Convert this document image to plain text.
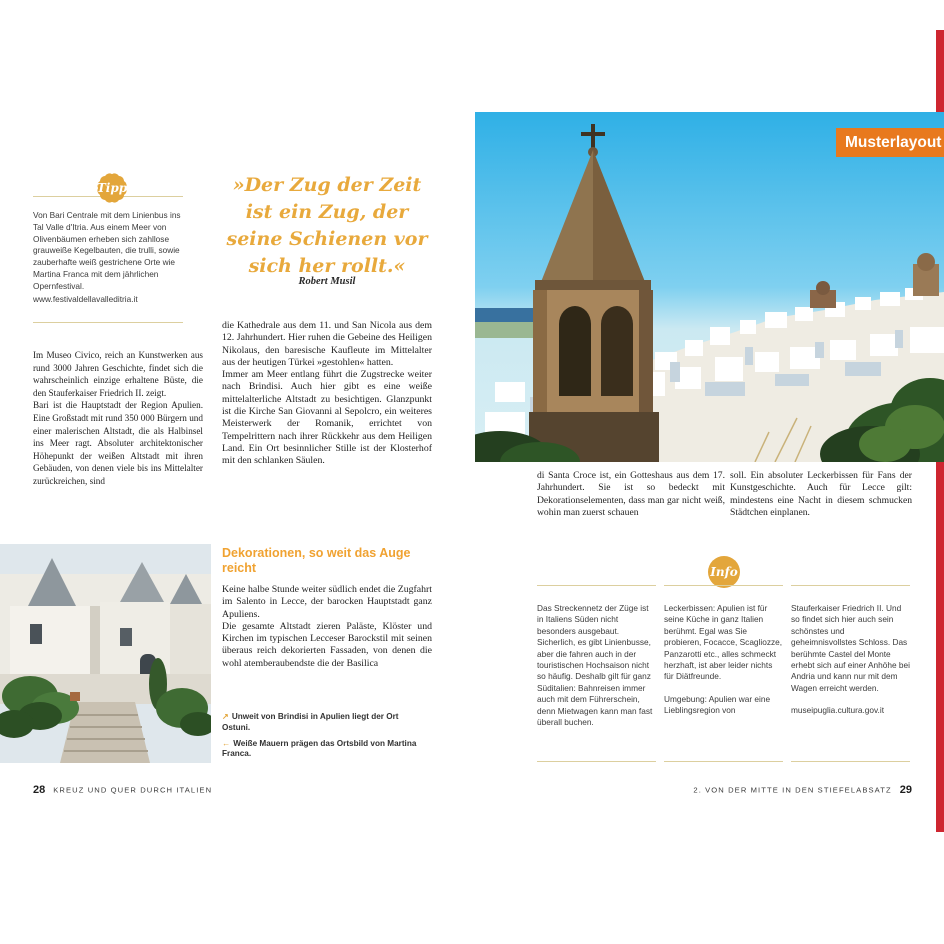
Tipp

Von Bari Centrale mit dem Linienbus ins Tal Valle d'Itria. Aus einem Meer von Olivenbäumen erheben sich zahllose grauweiße Kegelbauten, die trulli, sowie zauberhafte weiß gestrichene Orte wie Martina Franca mit dem jährlichen Opernfestival.

www.festivaldellavalleditria.it

Im Museo Civico, reich an Kunstwerken aus rund 3000 Jahren Geschichte, findet sich die wahrscheinlich einzige erhaltene Büste, die den Stauferkaiser Friedrich II. zeigt.

Bari ist die Hauptstadt der Region Apulien. Eine Großstadt mit rund 350 000 Bürgern und einer malerischen Altstadt, die als Halbinsel ins Meer ragt. Absoluter architektonischer Höhepunkt der weißen Altstadt mit ihren Gebäuden, von denen viele bis ins Mittelalter zurückreichen, sind

»Der Zug der Zeit ist ein Zug, der seine Schienen vor sich her rollt.«
Robert Musil

die Kathedrale aus dem 11. und San Nicola aus dem 12. Jahrhundert. Hier ruhen die Gebeine des Heiligen Nikolaus, den baresische Kaufleute im Mittelalter aus der heutigen Türkei »gestohlen« hatten.

Immer am Meer entlang führt die Zugstrecke weiter nach Brindisi. Auch hier gibt es eine weiße mittelalterliche Altstadt zu besichtigen. Glanzpunkt ist die Kirche San Giovanni al Sepolcro, ein weiteres Meisterwerk der Romanik, errichtet von Tempelrittern nach ihrer Rückkehr aus dem Heiligen Land. Ein Ort besinnlicher Stille ist der Klosterhof mit den schlanken Säulen.

Dekorationen, so weit das Auge reicht

Keine halbe Stunde weiter südlich endet die Zugfahrt im Salento in Lecce, der barocken Hauptstadt ganz Apuliens.

Die gesamte Altstadt zieren Paläste, Klöster und Kirchen im typischen Lecceser Barockstil mit seinen überaus reich dekorierten Fassaden, von denen die wohl atemberaubendste die der Basilica

↗ Unweit von Brindisi in Apulien liegt der Ort Ostuni.
← Weiße Mauern prägen das Ortsbild von Martina Franca.
28 KREUZ UND QUER DURCH ITALIEN
Musterlayout

di Santa Croce ist, ein Gotteshaus aus dem 17. Jahrhundert. Sie ist so bedeckt mit Dekorationselementen, dass man gar nicht weiß, wohin man zuerst schauen

soll. Ein absoluter Leckerbissen für Fans der Kunstgeschichte. Auch für Lecce gilt: mindestens eine Nacht in diesem schmucken Städtchen einplanen.

Info

Das Streckennetz der Züge ist in Italiens Süden nicht besonders ausgebaut. Sicherlich, es gibt Linienbusse, aber die fahren auch in der touristischen Hochsaison nicht so häufig. Deshalb gilt für ganz Süditalien: Bahnreisen immer auch mit dem Führerschein, denn Mietwagen kann man fast überall buchen.

Leckerbissen: Apulien ist für seine Küche in ganz Italien berühmt. Egal was Sie probieren, Focacce, Scagliozze, Panzarotti etc., alles schmeckt herzhaft, ist aber leider nichts für Diätfreunde.

Umgebung: Apulien war eine Lieblingsregion von

Stauferkaiser Friedrich II. Und so findet sich hier auch sein schönstes und geheimnisvollstes Schloss. Das berühmte Castel del Monte erhebt sich auf einer Anhöhe bei Andria und kann nur mit dem Wagen erreicht werden.

museipuglia.cultura.gov.it

2. VON DER MITTE IN DEN STIEFELABSATZ 29
